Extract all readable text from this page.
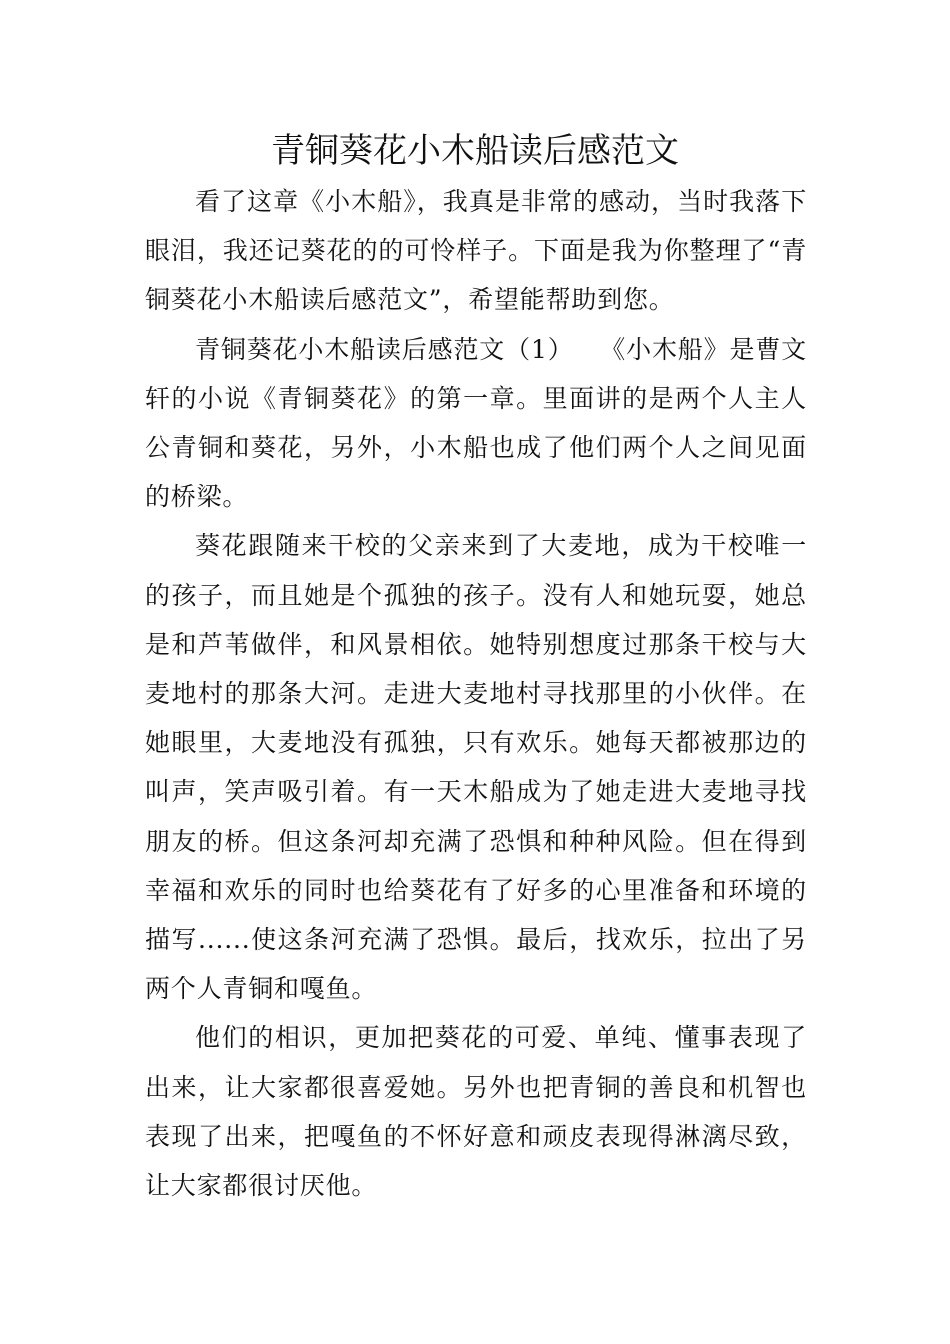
青铜葵花小木船读后感范文

看了这章《小木船》，我真是非常的感动，当时我落下眼泪，我还记葵花的的可怜样子。下面是我为你整理了“青铜葵花小木船读后感范文”，希望能帮助到您。

青铜葵花小木船读后感范文（1）　　《小木船》是曹文轩的小说《青铜葵花》的第一章。里面讲的是两个人主人公青铜和葵花，另外，小木船也成了他们两个人之间见面的桥梁。

葵花跟随来干校的父亲来到了大麦地，成为干校唯一的孩子，而且她是个孤独的孩子。没有人和她玩耍，她总是和芦苇做伴，和风景相依。她特别想度过那条干校与大麦地村的那条大河。走进大麦地村寻找那里的小伙伴。在她眼里，大麦地没有孤独，只有欢乐。她每天都被那边的叫声，笑声吸引着。有一天木船成为了她走进大麦地寻找朋友的桥。但这条河却充满了恐惧和种种风险。但在得到幸福和欢乐的同时也给葵花有了好多的心里准备和环境的描写......使这条河充满了恐惧。最后，找欢乐，拉出了另两个人青铜和嘎鱼。

他们的相识，更加把葵花的可爱、单纯、懂事表现了出来，让大家都很喜爱她。另外也把青铜的善良和机智也表现了出来，把嘎鱼的不怀好意和顽皮表现得淋漓尽致，让大家都很讨厌他。
